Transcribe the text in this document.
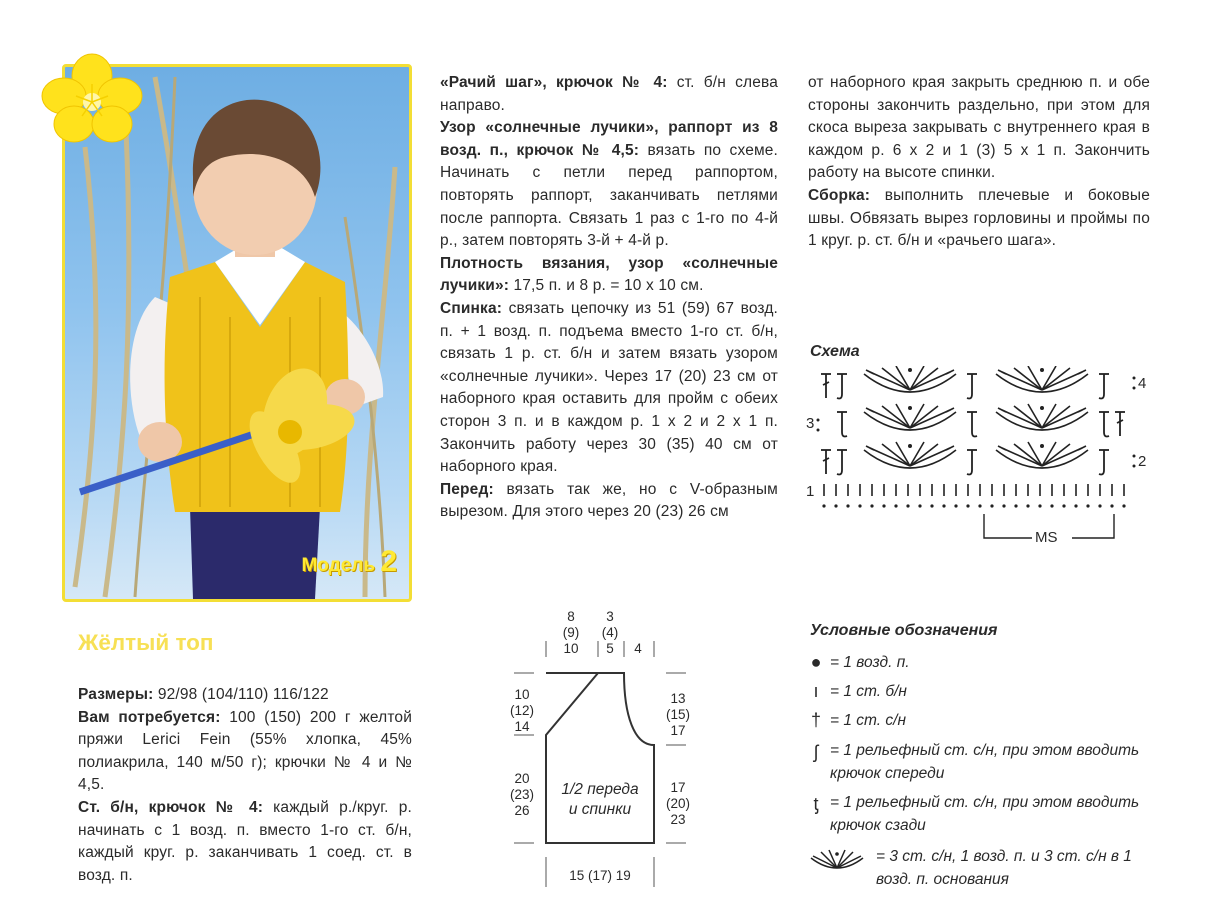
Модель 2

Жёлтый топ

Размеры: 92/98 (104/110) 116/122

Вам потребуется: 100 (150) 200 г желтой пряжи Lerici Fein (55% хлопка, 45% полиакрила, 140 м/50 г); крючки № 4 и № 4,5.

Ст. б/н, крючок № 4: каждый р./круг. р. начинать с 1 возд. п. вместо 1-го ст. б/н, каждый круг. р. заканчивать 1 соед. ст. в возд. п.

«Рачий шаг», крючок № 4: ст. б/н слева направо.

Узор «солнечные лучики», раппорт из 8 возд. п., крючок № 4,5: вязать по схеме. Начинать с петли перед раппортом, повторять раппорт, заканчивать петлями после раппорта. Связать 1 раз с 1-го по 4-й р., затем повторять 3-й + 4-й р.

Плотность вязания, узор «солнечные лучики»: 17,5 п. и 8 р. = 10 х 10 см.

Спинка: связать цепочку из 51 (59) 67 возд. п. + 1 возд. п. подъема вместо 1-го ст. б/н, связать 1 р. ст. б/н и затем вязать узором «солнечные лучики». Через 17 (20) 23 см от наборного края оставить для пройм с обеих сторон 3 п. и в каждом р. 1 х 2 и 2 х 1 п. Закончить работу через 30 (35) 40 см от наборного края.

Перед: вязать так же, но с V-образным вырезом. Для этого через 20 (23) 26 см

от наборного края закрыть среднюю п. и обе стороны закончить раздельно, при этом для скоса выреза закрывать с внутреннего края в каждом р. 6 х 2 и 1 (3) 5 х 1 п. Закончить работу на высоте спинки.

Сборка: выполнить плечевые и боковые швы. Обвязать вырез горловины и проймы по 1 круг. р. ст. б/н и «рачьего шага».

Схема

4
3
2
1
MS
8
(9)
10
3
(4)
5	4
10
(12)
14
20
(23)
26
13
(15)
17
17
(20)
23
1/2 переда
и спинки
15 (17) 19

Условные обозначения

● = 1 возд. п.

ı = 1 ст. б/н

† = 1 ст. с/н

ʃ = 1 рельефный ст. с/н, при этом вводить крючок спереди

ƫ = 1 рельефный ст. с/н, при этом вводить крючок сзади

= 3 ст. с/н, 1 возд. п. и 3 ст. с/н в 1 возд. п. основания
